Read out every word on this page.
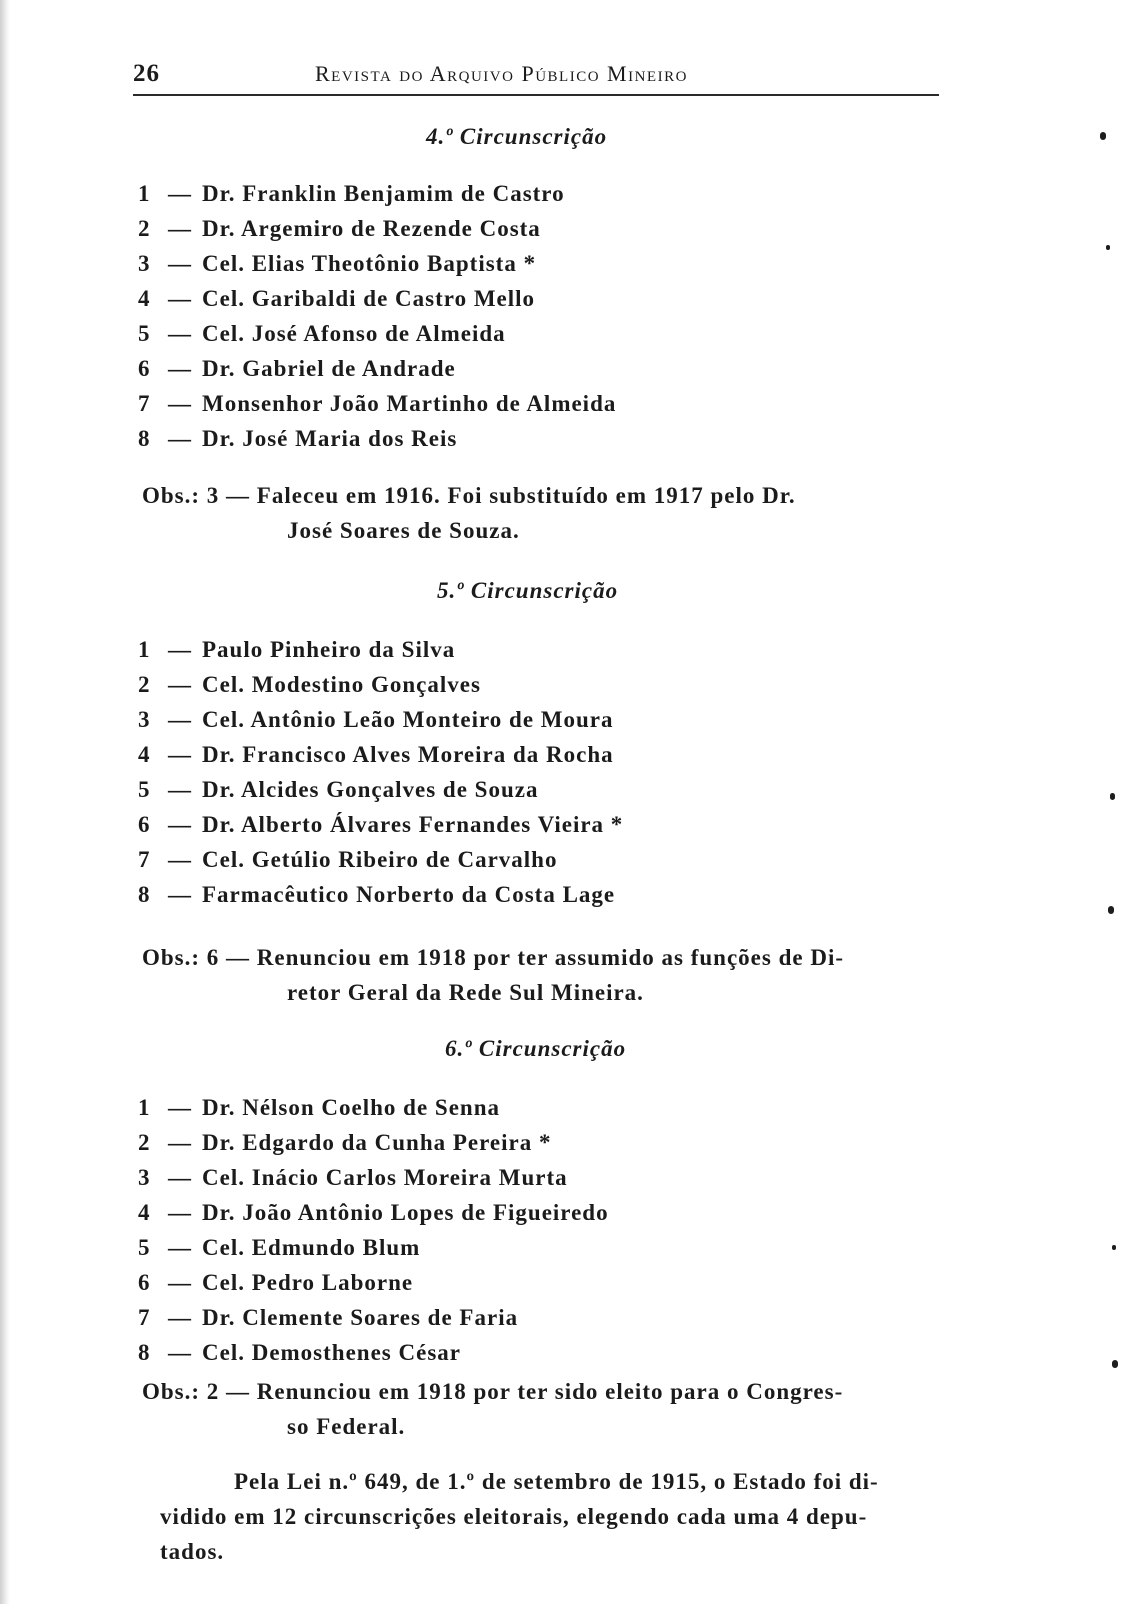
26	Revista do Arquivo Público Mineiro
4.º Circunscrição
1 — Dr. Franklin Benjamim de Castro
2 — Dr. Argemiro de Rezende Costa
3 — Cel. Elias Theotônio Baptista *
4 — Cel. Garibaldi de Castro Mello
5 — Cel. José Afonso de Almeida
6 — Dr. Gabriel de Andrade
7 — Monsenhor João Martinho de Almeida
8 — Dr. José Maria dos Reis
Obs.: 3 — Faleceu em 1916. Foi substituído em 1917 pelo Dr.
José Soares de Souza.
5.º Circunscrição
1 — Paulo Pinheiro da Silva
2 — Cel. Modestino Gonçalves
3 — Cel. Antônio Leão Monteiro de Moura
4 — Dr. Francisco Alves Moreira da Rocha
5 — Dr. Alcides Gonçalves de Souza
6 — Dr. Alberto Álvares Fernandes Vieira *
7 — Cel. Getúlio Ribeiro de Carvalho
8 — Farmacêutico Norberto da Costa Lage
Obs.: 6 — Renunciou em 1918 por ter assumido as funções de Di-
retor Geral da Rede Sul Mineira.
6.º Circunscrição
1 — Dr. Nélson Coelho de Senna
2 — Dr. Edgardo da Cunha Pereira *
3 — Cel. Inácio Carlos Moreira Murta
4 — Dr. João Antônio Lopes de Figueiredo
5 — Cel. Edmundo Blum
6 — Cel. Pedro Laborne
7 — Dr. Clemente Soares de Faria
8 — Cel. Demosthenes César
Obs.: 2 — Renunciou em 1918 por ter sido eleito para o Congres-
so Federal.
Pela Lei n.º 649, de 1.º de setembro de 1915, o Estado foi di-
vidido em 12 circunscrições eleitorais, elegendo cada uma 4 depu-
tados.
